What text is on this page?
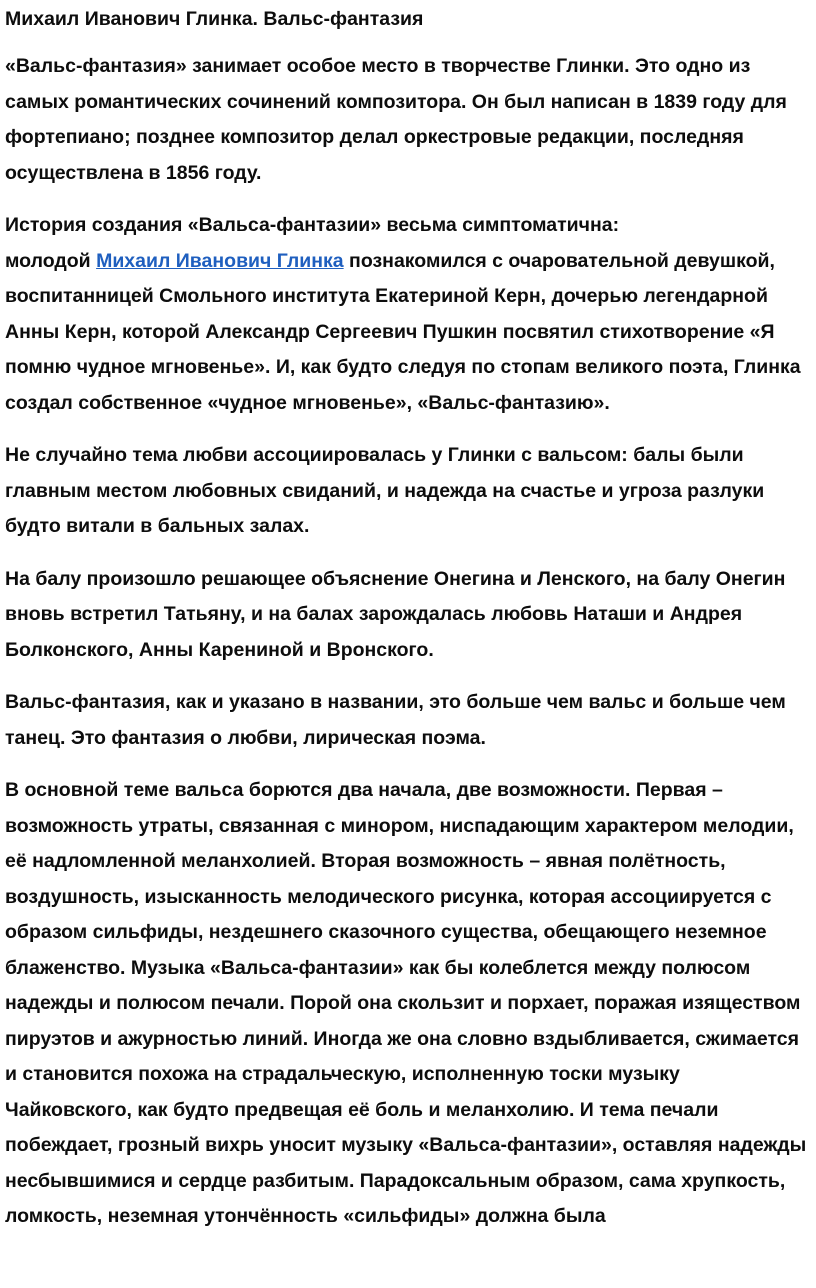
Михаил Иванович Глинка. Вальс-фантазия
«Вальс-фантазия» занимает особое место в творчестве Глинки. Это одно из самых романтических сочинений композитора. Он был написан в 1839 году для фортепиано; позднее композитор делал оркестровые редакции, последняя осуществлена в 1856 году.
История создания «Вальса-фантазии» весьма симптоматична:
молодой Михаил Иванович Глинка познакомился с очаровательной девушкой, воспитанницей Смольного института Екатериной Керн, дочерью легендарной Анны Керн, которой Александр Сергеевич Пушкин посвятил стихотворение «Я помню чудное мгновенье». И, как будто следуя по стопам великого поэта, Глинка создал собственное «чудное мгновенье», «Вальс-фантазию».
Не случайно тема любви ассоциировалась у Глинки с вальсом: балы были главным местом любовных свиданий, и надежда на счастье и угроза разлуки будто витали в бальных залах.
На балу произошло решающее объяснение Онегина и Ленского, на балу Онегин вновь встретил Татьяну, и на балах зарождалась любовь Наташи и Андрея Болконского, Анны Карениной и Вронского.
Вальс-фантазия, как и указано в названии, это больше чем вальс и больше чем танец. Это фантазия о любви, лирическая поэма.
В основной теме вальса борются два начала, две возможности. Первая – возможность утраты, связанная с минором, ниспадающим характером мелодии, её надломленной меланхолией. Вторая возможность – явная полётность, воздушность, изысканность мелодического рисунка, которая ассоциируется с образом сильфиды, нездешнего сказочного существа, обещающего неземное блаженство. Музыка «Вальса-фантазии» как бы колеблется между полюсом надежды и полюсом печали. Порой она скользит и порхает, поражая изяществом пируэтов и ажурностью линий. Иногда же она словно вздыбливается, сжимается и становится похожа на страдальческую, исполненную тоски музыку Чайковского, как будто предвещая её боль и меланхолию. И тема печали побеждает, грозный вихрь уносит музыку «Вальса-фантазии», оставляя надежды несбывшимися и сердце разбитым. Парадоксальным образом, сама хрупкость, ломкость, неземная утончённость «сильфиды» должна была
